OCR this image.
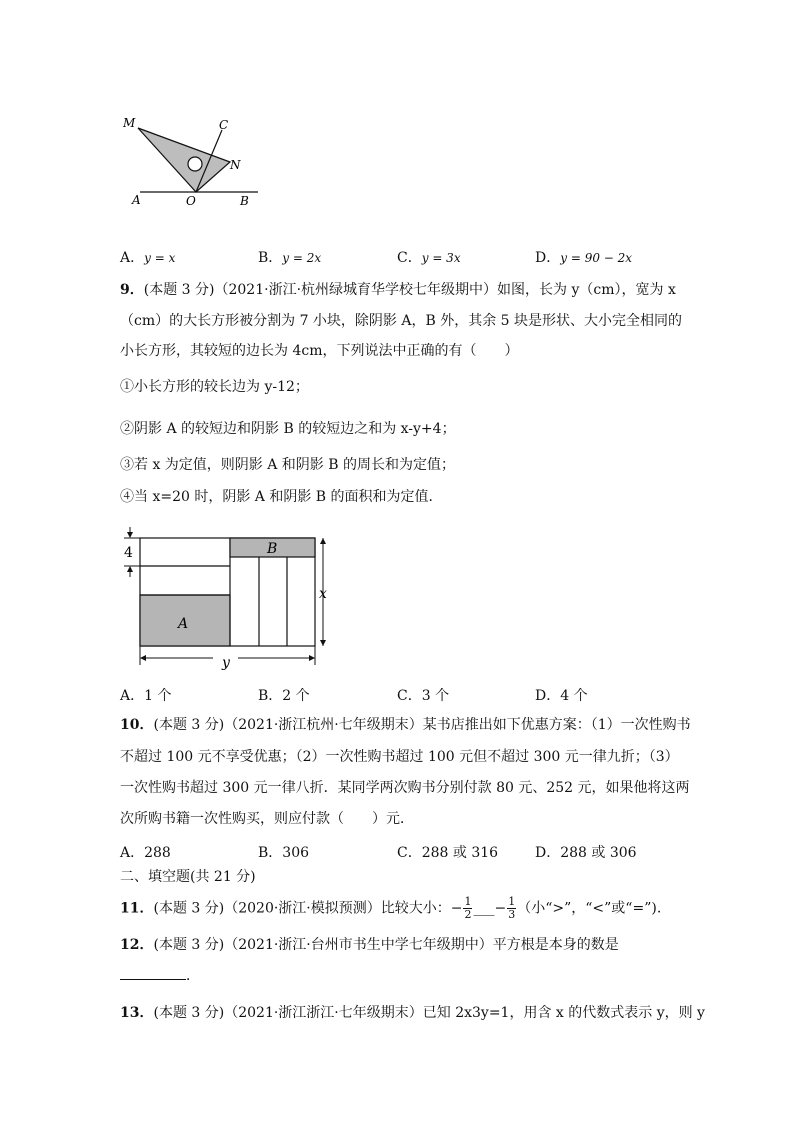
M	C
N
A	O	B
A．y = x	B．y = 2x	C．y = 3x	D．y = 90 − 2x
9．(本题 3 分)（2021·浙江·杭州绿城育华学校七年级期中）如图，长为 y（cm），宽为 x
（cm）的大长方形被分割为 7 小块，除阴影 A，B 外，其余 5 块是形状、大小完全相同的
小长方形，其较短的边长为 4cm，下列说法中正确的有（　　）
①小长方形的较长边为 y-12；
②阴影 A 的较短边和阴影 B 的较短边之和为 x-y+4；
③若 x 为定值，则阴影 A 和阴影 B 的周长和为定值；
④当 x=20 时，阴影 A 和阴影 B 的面积和为定值．
4
x
y
A
B
A．1 个	B．2 个	C．3 个	D．4 个
10．(本题 3 分)（2021·浙江杭州·七年级期末）某书店推出如下优惠方案：（1）一次性购书
不超过 100 元不享受优惠；（2）一次性购书超过 100 元但不超过 300 元一律九折；（3）
一次性购书超过 300 元一律八折．某同学两次购书分别付款 80 元、252 元，如果他将这两
次所购书籍一次性购买，则应付款（　　）元．
A．288	B．306	C．288 或 316	D．288 或 306
二、填空题(共 21 分)
11．(本题 3 分)（2020·浙江·模拟预测）比较大小：− $\frac{1}{2}$ ___− $\frac{1}{3}$ （小“>”，“<”或“=”).
12．(本题 3 分)（2021·浙江·台州市书生中学七年级期中）平方根是本身的数是
．
13．(本题 3 分)（2021·浙江浙江·七年级期末）已知 2x3y=1，用含 x 的代数式表示 y，则 y
